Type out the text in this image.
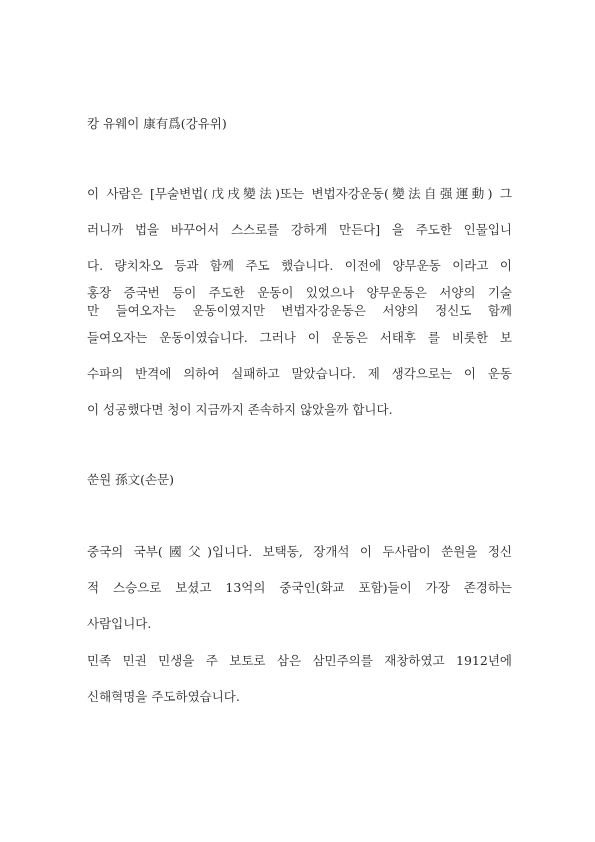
캉 유웨이 康有爲(강유위)
이 사람은 [무술변법(戊戌變法)또는 변법자강운동(變法自强運動) 그
러니까 법을 바꾸어서 스스로를 강하게 만든다] 을 주도한 인물입니
다. 량치차오 등과 함께 주도 했습니다. 이전에 양무운동 이라고 이
홍장 증국번 등이 주도한 운동이 있었으나 양무운동은 서양의 기술
만 들여오자는 운동이였지만 변법자강운동은 서양의 정신도 함께
들여오자는 운동이였습니다. 그러나 이 운동은 서태후 를 비롯한 보
수파의 반격에 의하여 실패하고 말았습니다. 제 생각으로는 이 운동
이 성공했다면 청이 지금까지 존속하지 않았을까 합니다.
쑨원 孫文(손문)
중국의 국부(國父)입니다. 보택동, 장개석 이 두사람이 쑨원을 정신
적 스승으로 보셨고 13억의 중국인(화교 포함)들이 가장 존경하는
사람입니다.
민족 민권 민생을 주 보토로 삼은 삼민주의를 재창하였고 1912년에
신해혁명을 주도하였습니다.
